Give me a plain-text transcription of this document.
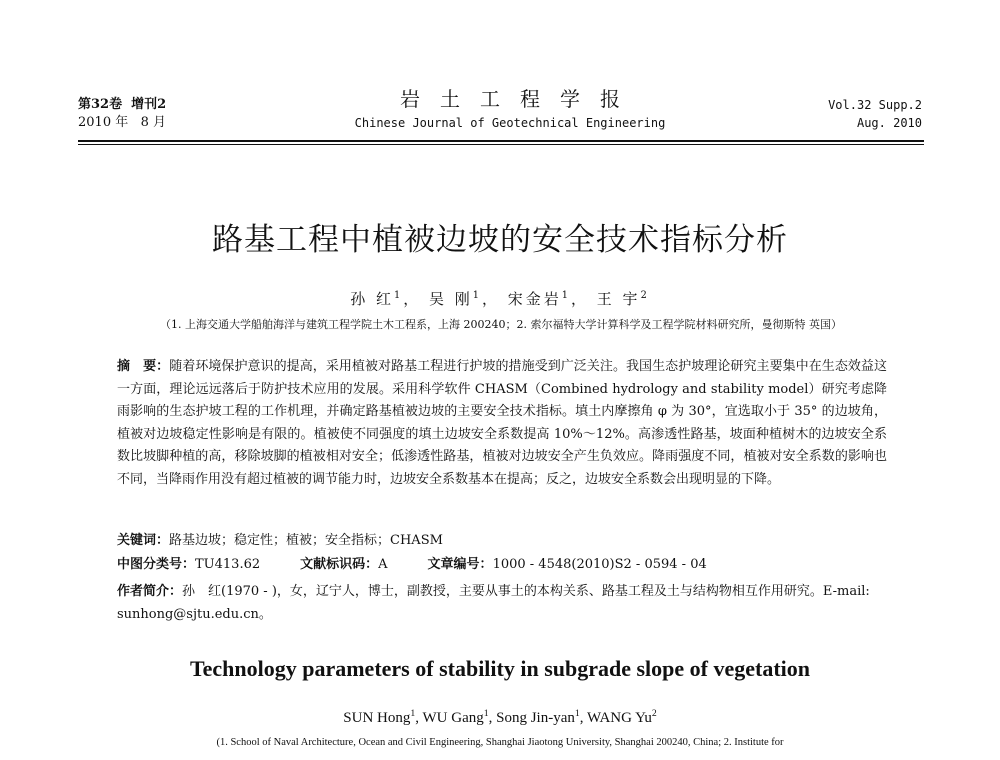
第32卷 增刊2
2010 年 8 月
岩土工程学报
Chinese Journal of Geotechnical Engineering
Vol.32 Supp.2
Aug. 2010
路基工程中植被边坡的安全技术指标分析
孙 红$^1$， 吴 刚$^1$， 宋金岩$^1$， 王 宇$^2$
（1. 上海交通大学船舶海洋与建筑工程学院土木工程系，上海 200240；2. 索尔福特大学计算科学及工程学院材料研究所，曼彻斯特 英国）
摘　要：随着环境保护意识的提高，采用植被对路基工程进行护坡的措施受到广泛关注。我国生态护坡理论研究主要集中在生态效益这一方面，理论远远落后于防护技术应用的发展。采用科学软件 CHASM（Combined hydrology and stability model）研究考虑降雨影响的生态护坡工程的工作机理，并确定路基植被边坡的主要安全技术指标。填土内摩擦角 φ 为 30°，宜选取小于 35° 的边坡角，植被对边坡稳定性影响是有限的。植被使不同强度的填土边坡安全系数提高 10%～12%。高渗透性路基，坡面种植树木的边坡安全系数比坡脚种植的高，移除坡脚的植被相对安全；低渗透性路基，植被对边坡安全产生负效应。降雨强度不同，植被对安全系数的影响也不同，当降雨作用没有超过植被的调节能力时，边坡安全系数基本在提高；反之，边坡安全系数会出现明显的下降。
关键词：路基边坡；稳定性；植被；安全指标；CHASM
中图分类号：TU413.62	文献标识码：A	文章编号：1000 - 4548(2010)S2 - 0594 - 04
作者简介：孙　红(1970 - )，女，辽宁人，博士，副教授，主要从事土的本构关系、路基工程及土与结构物相互作用研究。E-mail: sunhong@sjtu.edu.cn。
Technology parameters of stability in subgrade slope of vegetation
SUN Hong$^1$, WU Gang$^1$, Song Jin-yan$^1$, WANG Yu$^2$
(1. School of Naval Architecture, Ocean and Civil Engineering, Shanghai Jiaotong University, Shanghai 200240, China; 2. Institute for
